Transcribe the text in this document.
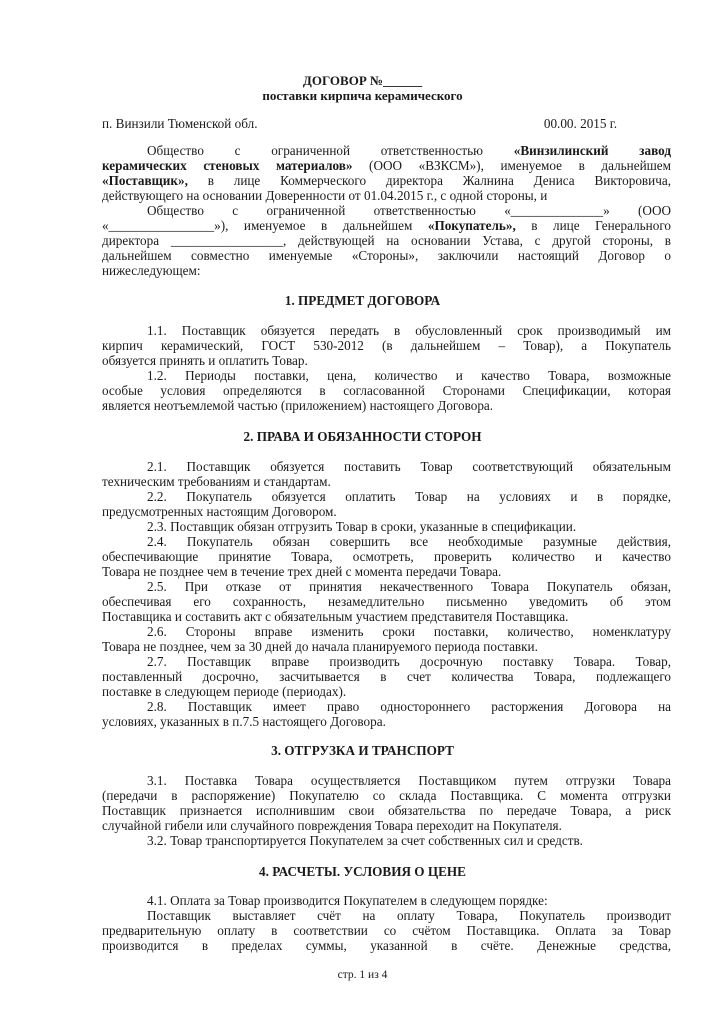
ДОГОВОР №______
поставки кирпича керамического
п. Винзили Тюменской обл.	00.00. 2015 г.
Общество с ограниченной ответственностью «Винзилинский завод
керамических стеновых материалов» (ООО «ВЗКСМ»), именуемое в дальнейшем
«Поставщик», в лице Коммерческого директора Жалнина Дениса Викторовича,
действующего на основании Доверенности от 01.04.2015 г., с одной стороны, и
Общество с ограниченной ответственностью «______________» (ООО
«________________»), именуемое в дальнейшем «Покупатель», в лице Генерального
директора _________________, действующей на основании Устава, с другой стороны, в
дальнейшем совместно именуемые «Стороны», заключили настоящий Договор о
нижеследующем:
1. ПРЕДМЕТ ДОГОВОРА
1.1. Поставщик обязуется передать в обусловленный срок производимый им
кирпич керамический, ГОСТ 530-2012 (в дальнейшем – Товар), а Покупатель
обязуется принять и оплатить Товар.
1.2. Периоды поставки, цена, количество и качество Товара, возможные
особые условия определяются в согласованной Сторонами Спецификации, которая
является неотъемлемой частью (приложением) настоящего Договора.
2. ПРАВА И ОБЯЗАННОСТИ СТОРОН
2.1. Поставщик обязуется поставить Товар соответствующий обязательным
техническим требованиям и стандартам.
2.2. Покупатель обязуется оплатить Товар на условиях и в порядке,
предусмотренных настоящим Договором.
2.3. Поставщик обязан отгрузить Товар в сроки, указанные в спецификации.
2.4. Покупатель обязан совершить все необходимые разумные действия,
обеспечивающие принятие Товара, осмотреть, проверить количество и качество
Товара не позднее чем в течение трех дней с момента передачи Товара.
2.5. При отказе от принятия некачественного Товара Покупатель обязан,
обеспечивая его сохранность, незамедлительно письменно уведомить об этом
Поставщика и составить акт с обязательным участием представителя Поставщика.
2.6. Стороны вправе изменить сроки поставки, количество, номенклатуру
Товара не позднее, чем за 30 дней до начала планируемого периода поставки.
2.7. Поставщик вправе производить досрочную поставку Товара. Товар,
поставленный досрочно, засчитывается в счет количества Товара, подлежащего
поставке в следующем периоде (периодах).
2.8. Поставщик имеет право одностороннего расторжения Договора на
условиях, указанных в п.7.5 настоящего Договора.
3. ОТГРУЗКА И ТРАНСПОРТ
3.1. Поставка Товара осуществляется Поставщиком путем отгрузки Товара
(передачи в распоряжение) Покупателю со склада Поставщика. С момента отгрузки
Поставщик признается исполнившим свои обязательства по передаче Товара, а риск
случайной гибели или случайного повреждения Товара переходит на Покупателя.
3.2. Товар транспортируется Покупателем за счет собственных сил и средств.
4. РАСЧЕТЫ. УСЛОВИЯ О ЦЕНЕ
4.1. Оплата за Товар производится Покупателем в следующем порядке:
Поставщик выставляет счёт на оплату Товара, Покупатель производит
предварительную оплату в соответствии со счётом Поставщика. Оплата за Товар
производится в пределах суммы, указанной в счёте. Денежные средства,
стр. 1 из 4
